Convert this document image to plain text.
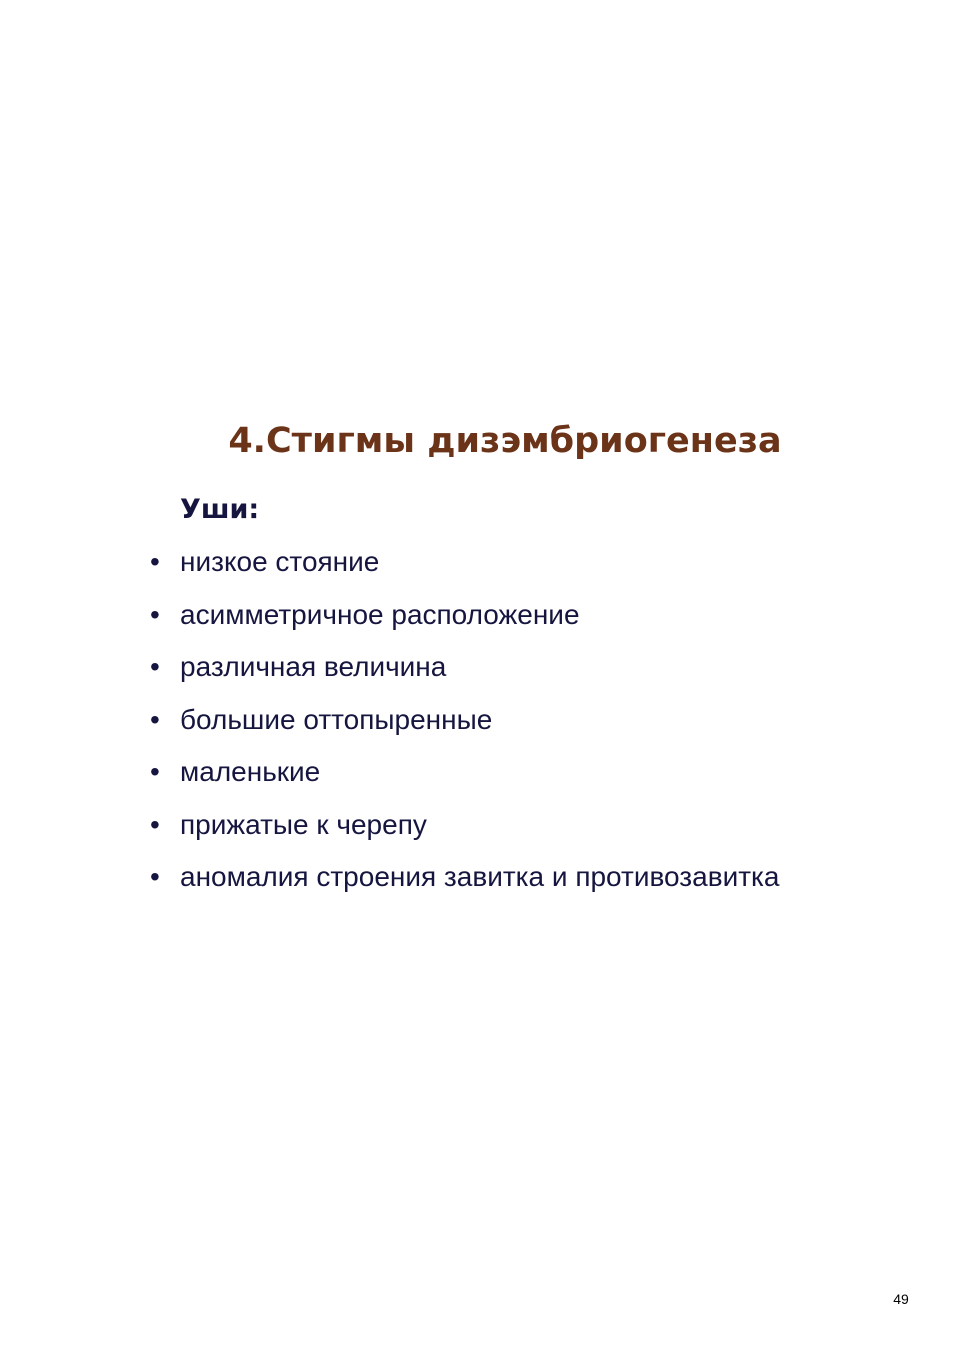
4.Стигмы дизэмбриогенеза
Уши:
• низкое стояние
• асимметричное расположение
• различная величина
• большие оттопыренные
• маленькие
• прижатые к черепу
• аномалия строения завитка и противозавитка
49
